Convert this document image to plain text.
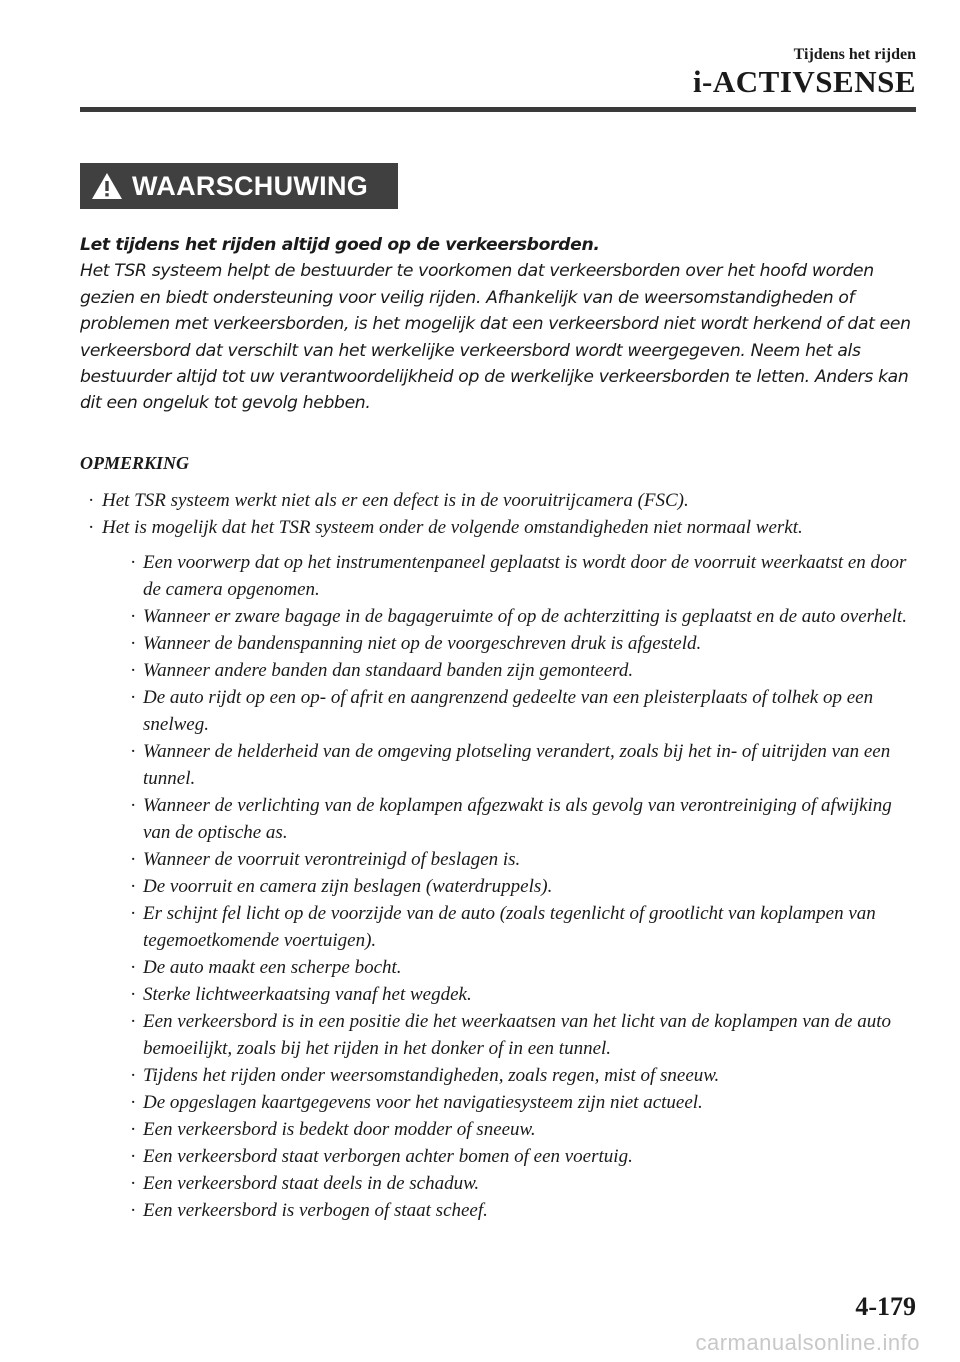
Tijdens het rijden
i-ACTIVSENSE
WAARSCHUWING
Let tijdens het rijden altijd goed op de verkeersborden.
Het TSR systeem helpt de bestuurder te voorkomen dat verkeersborden over het hoofd worden gezien en biedt ondersteuning voor veilig rijden. Afhankelijk van de weersomstandigheden of problemen met verkeersborden, is het mogelijk dat een verkeersbord niet wordt herkend of dat een verkeersbord dat verschilt van het werkelijke verkeersbord wordt weergegeven. Neem het als bestuurder altijd tot uw verantwoordelijkheid op de werkelijke verkeersborden te letten. Anders kan dit een ongeluk tot gevolg hebben.
OPMERKING
· Het TSR systeem werkt niet als er een defect is in de vooruitrijcamera (FSC).
· Het is mogelijk dat het TSR systeem onder de volgende omstandigheden niet normaal werkt.
· Een voorwerp dat op het instrumentenpaneel geplaatst is wordt door de voorruit weerkaatst en door de camera opgenomen.
· Wanneer er zware bagage in de bagageruimte of op de achterzitting is geplaatst en de auto overhelt.
· Wanneer de bandenspanning niet op de voorgeschreven druk is afgesteld.
· Wanneer andere banden dan standaard banden zijn gemonteerd.
· De auto rijdt op een op- of afrit en aangrenzend gedeelte van een pleisterplaats of tolhek op een snelweg.
· Wanneer de helderheid van de omgeving plotseling verandert, zoals bij het in- of uitrijden van een tunnel.
· Wanneer de verlichting van de koplampen afgezwakt is als gevolg van verontreiniging of afwijking van de optische as.
· Wanneer de voorruit verontreinigd of beslagen is.
· De voorruit en camera zijn beslagen (waterdruppels).
· Er schijnt fel licht op de voorzijde van de auto (zoals tegenlicht of grootlicht van koplampen van tegemoetkomende voertuigen).
· De auto maakt een scherpe bocht.
· Sterke lichtweerkaatsing vanaf het wegdek.
· Een verkeersbord is in een positie die het weerkaatsen van het licht van de koplampen van de auto bemoeilijkt, zoals bij het rijden in het donker of in een tunnel.
· Tijdens het rijden onder weersomstandigheden, zoals regen, mist of sneeuw.
· De opgeslagen kaartgegevens voor het navigatiesysteem zijn niet actueel.
· Een verkeersbord is bedekt door modder of sneeuw.
· Een verkeersbord staat verborgen achter bomen of een voertuig.
· Een verkeersbord staat deels in de schaduw.
· Een verkeersbord is verbogen of staat scheef.
4-179
carmanualsonline.info
